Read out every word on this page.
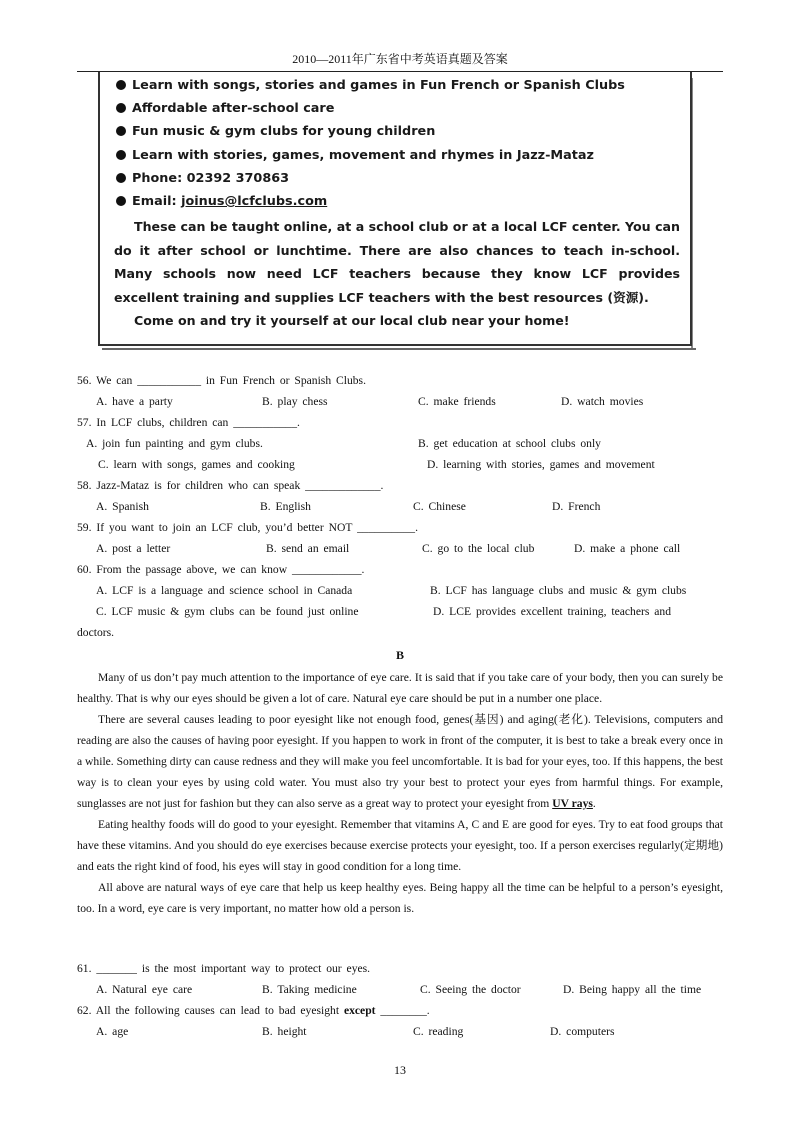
2010—2011年广东省中考英语真题及答案
Learn with songs, stories and games in Fun French or Spanish Clubs
Affordable after-school care
Fun music & gym clubs for young children
Learn with stories, games, movement and rhymes in Jazz-Mataz
Phone: 02392 370863
Email: joinus@lcfclubs.com

These can be taught online, at a school club or at a local LCF center. You can do it after school or lunchtime. There are also chances to teach in-school. Many schools now need LCF teachers because they know LCF provides excellent training and supplies LCF teachers with the best resources (资源).

Come on and try it yourself at our local club near your home!

56. We can ___________ in Fun French or Spanish Clubs.
A. have a party	B. play chess	C. make friends	D. watch movies
57. In LCF clubs, children can ___________.
A. join fun painting and gym clubs.	B. get education at school clubs only
C. learn with songs, games and cooking	D. learning with stories, games and movement
58. Jazz-Mataz is for children who can speak _____________.
A. Spanish	B. English	C. Chinese	D. French
59. If you want to join an LCF club, you’d better NOT __________.
A. post a letter	B. send an email	C. go to the local club	D. make a phone call
60. From the passage above, we can know ____________.
A. LCF is a language and science school in Canada	B. LCF has language clubs and music & gym clubs
C. LCF music & gym clubs can be found just online	D. LCE provides excellent training, teachers and
doctors.
B

Many of us don’t pay much attention to the importance of eye care. It is said that if you take care of your body, then you can surely be healthy. That is why our eyes should be given a lot of care. Natural eye care should be put in a number one place.

There are several causes leading to poor eyesight like not enough food, genes(基因) and aging(老化). Televisions, computers and reading are also the causes of having poor eyesight. If you happen to work in front of the computer, it is best to take a break every once in a while. Something dirty can cause redness and they will make you feel uncomfortable. It is bad for your eyes, too. If this happens, the best way is to clean your eyes by using cold water. You must also try your best to protect your eyes from harmful things. For example, sunglasses are not just for fashion but they can also serve as a great way to protect your eyesight from UV rays.

Eating healthy foods will do good to your eyesight. Remember that vitamins A, C and E are good for eyes. Try to eat food groups that have these vitamins. And you should do eye exercises because exercise protects your eyesight, too. If a person exercises regularly(定期地) and eats the right kind of food, his eyes will stay in good condition for a long time.

All above are natural ways of eye care that help us keep healthy eyes. Being happy all the time can be helpful to a person’s eyesight, too. In a word, eye care is very important, no matter how old a person is.

61. _______ is the most important way to protect our eyes.
A. Natural eye care	B. Taking medicine	C. Seeing the doctor	D. Being happy all the time
62. All the following causes can lead to bad eyesight except ________.
A. age	B. height	C. reading	D. computers
13
